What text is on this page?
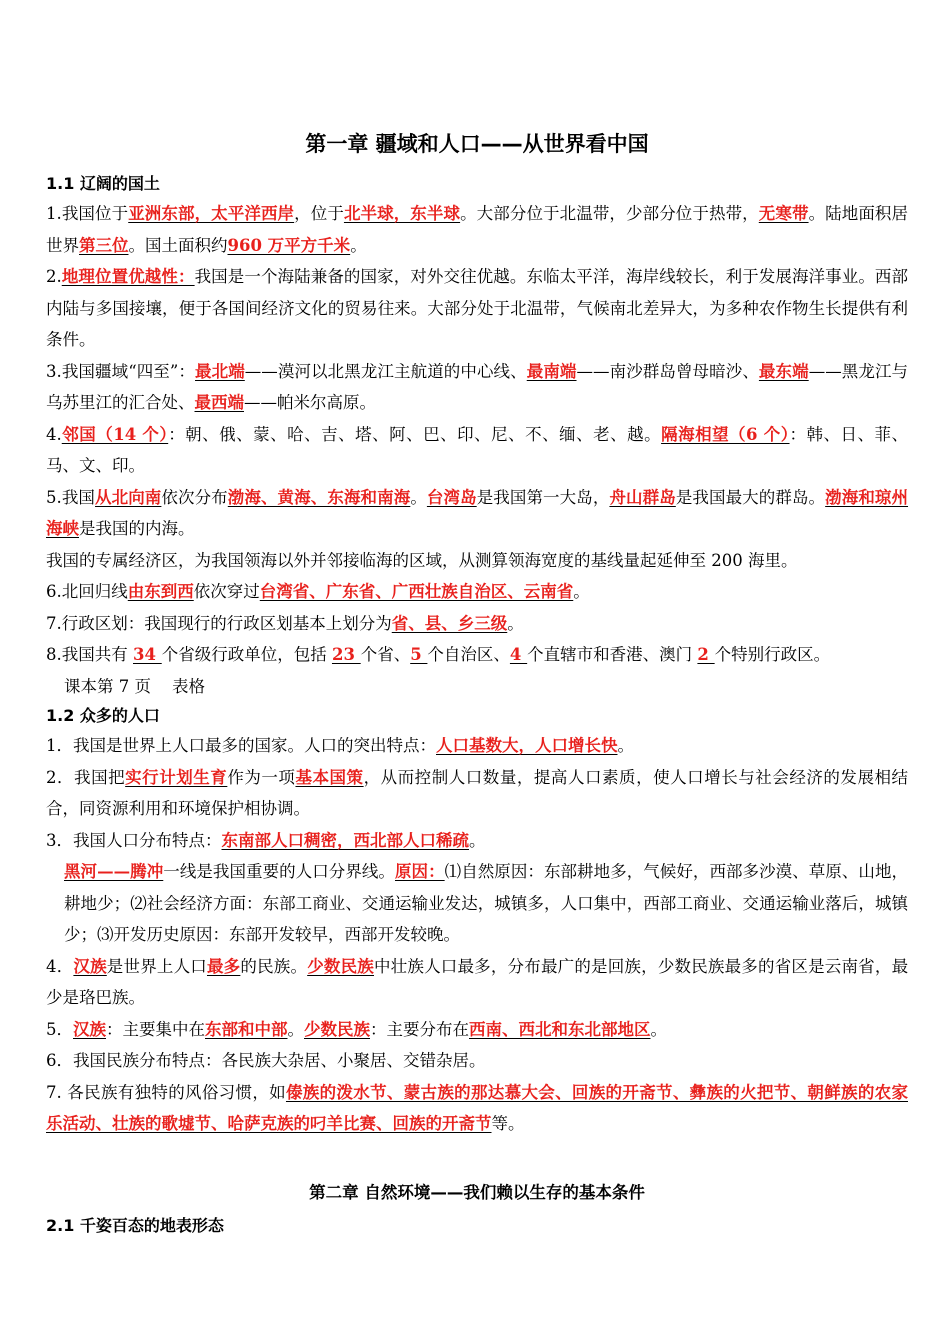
第一章 疆域和人口——从世界看中国
1.1 辽阔的国土

1.我国位于亚洲东部，太平洋西岸，位于北半球，东半球。大部分位于北温带，少部分位于热带，无寒带。陆地面积居世界第三位。国土面积约960 万平方千米。

2.地理位置优越性：我国是一个海陆兼备的国家，对外交往优越。东临太平洋，海岸线较长，利于发展海洋事业。西部内陆与多国接壤，便于各国间经济文化的贸易往来。大部分处于北温带，气候南北差异大，为多种农作物生长提供有利条件。

3.我国疆域“四至”：最北端——漠河以北黑龙江主航道的中心线、最南端——南沙群岛曾母暗沙、最东端——黑龙江与乌苏里江的汇合处、最西端——帕米尔高原。

4.邻国（14 个）：朝、俄、蒙、哈、吉、塔、阿、巴、印、尼、不、缅、老、越。隔海相望（6 个）：韩、日、菲、马、文、印。

5.我国从北向南依次分布渤海、黄海、东海和南海。台湾岛是我国第一大岛，舟山群岛是我国最大的群岛。渤海和琼州海峡是我国的内海。

我国的专属经济区，为我国领海以外并邻接临海的区域，从测算领海宽度的基线量起延伸至 200 海里。

6.北回归线由东到西依次穿过台湾省、广东省、广西壮族自治区、云南省。

7.行政区划：我国现行的行政区划基本上划分为省、县、乡三级。

8.我国共有 34 个省级行政单位，包括 23 个省、5 个自治区、4 个直辖市和香港、澳门 2 个特别行政区。

课本第 7 页    表格

1.2 众多的人口

1．我国是世界上人口最多的国家。人口的突出特点：人口基数大，人口增长快。

2．我国把实行计划生育作为一项基本国策，从而控制人口数量，提高人口素质，使人口增长与社会经济的发展相结合，同资源利用和环境保护相协调。

3．我国人口分布特点：东南部人口稠密，西北部人口稀疏。

黑河——腾冲一线是我国重要的人口分界线。原因：⑴自然原因：东部耕地多，气候好，西部多沙漠、草原、山地，耕地少；⑵社会经济方面：东部工商业、交通运输业发达，城镇多，人口集中，西部工商业、交通运输业落后，城镇少；⑶开发历史原因：东部开发较早，西部开发较晚。

4．汉族是世界上人口最多的民族。少数民族中壮族人口最多，分布最广的是回族，少数民族最多的省区是云南省，最少是珞巴族。

5．汉族：主要集中在东部和中部。少数民族：主要分布在西南、西北和东北部地区。

6．我国民族分布特点：各民族大杂居、小聚居、交错杂居。

7. 各民族有独特的风俗习惯，如傣族的泼水节、蒙古族的那达慕大会、回族的开斋节、彝族的火把节、朝鲜族的农家乐活动、壮族的歌墟节、哈萨克族的叼羊比赛、回族的开斋节等。

第二章 自然环境——我们赖以生存的基本条件
2.1 千姿百态的地表形态
